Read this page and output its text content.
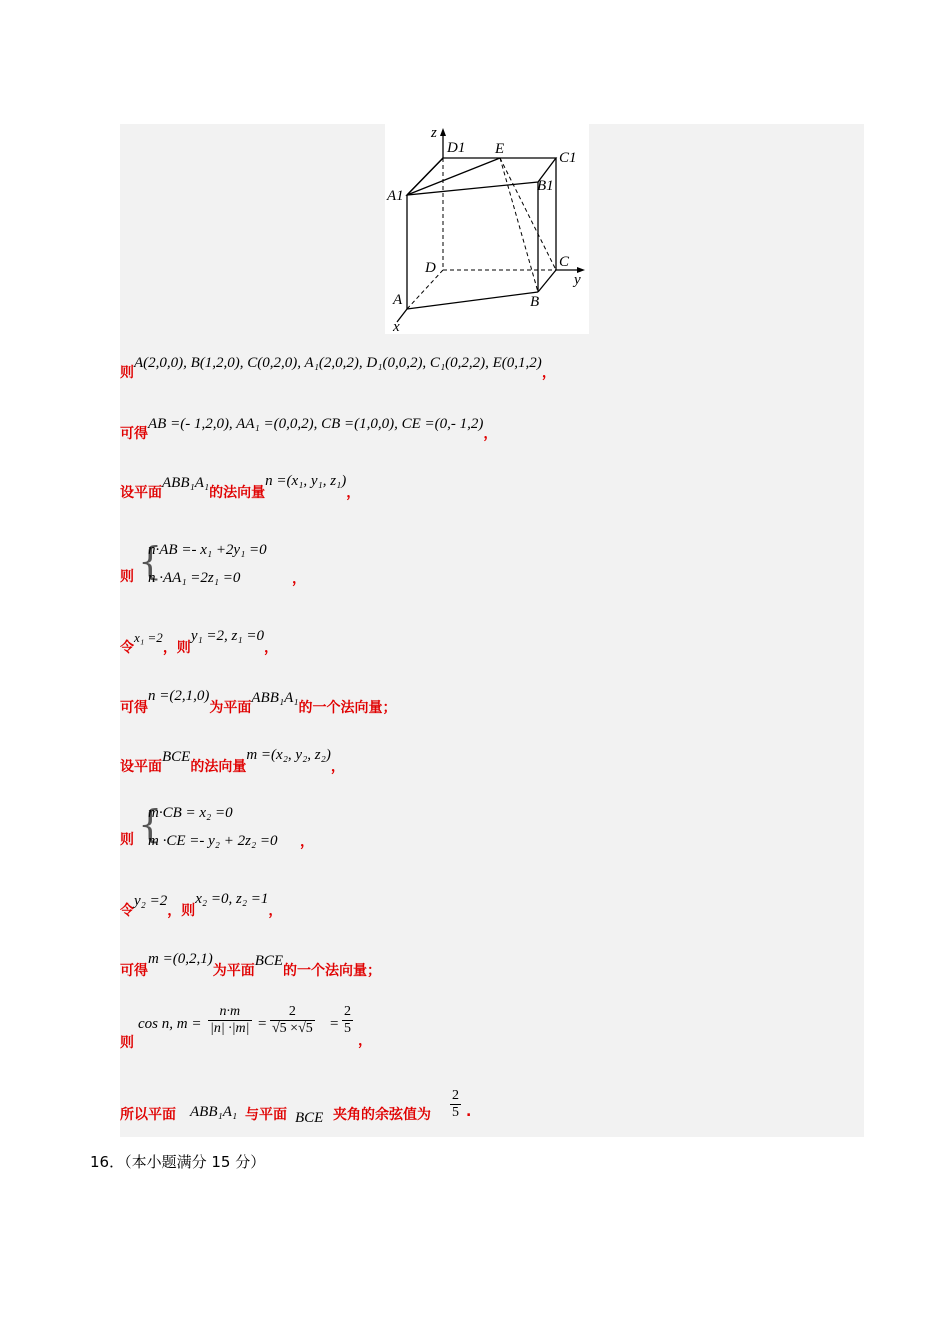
z
D1 E
C1
B1
A1
D	C
y
A	B
x
则A(2,0,0), B(1,2,0), C(0,2,0), A₁(2,0,2), D₁(0,0,2), C₁(0,2,2), E(0,1,2)，
可得AB =(- 1,2,0), AA₁ =(0,0,2), CB =(1,0,0), CE =(0,- 1,2)，
设平面ABB₁A₁的法向量n =(x₁, y₁, z₁)，
则 {
n·AB =- x₁ +2y₁ =0
n ·AA₁ =2z₁ =0	，
令x₁ =2，则y₁ =2, z₁ =0，
可得n =(2,1,0)为平面ABB₁A₁的一个法向量；
设平面BCE的法向量m =(x₂, y₂, z₂)，
则 {
m·CB = x₂ =0
m ·CE =- y₂ + 2z₂ =0 ，
令y₂ =2，则x₂ =0, z₂ =1，
可得m =(0,2,1)为平面BCE的一个法向量；
则
cos n, $m = \frac{n\cdot m}{|n| \cdot|m|} = \frac{2}{√5 \times√5} = \frac{2}{5}$
，
所以平面 ABB₁A₁ 与平面 BCE 夹角的余弦值为 $\frac{2}{5}$ .
16．（本小题满分 15 分）
